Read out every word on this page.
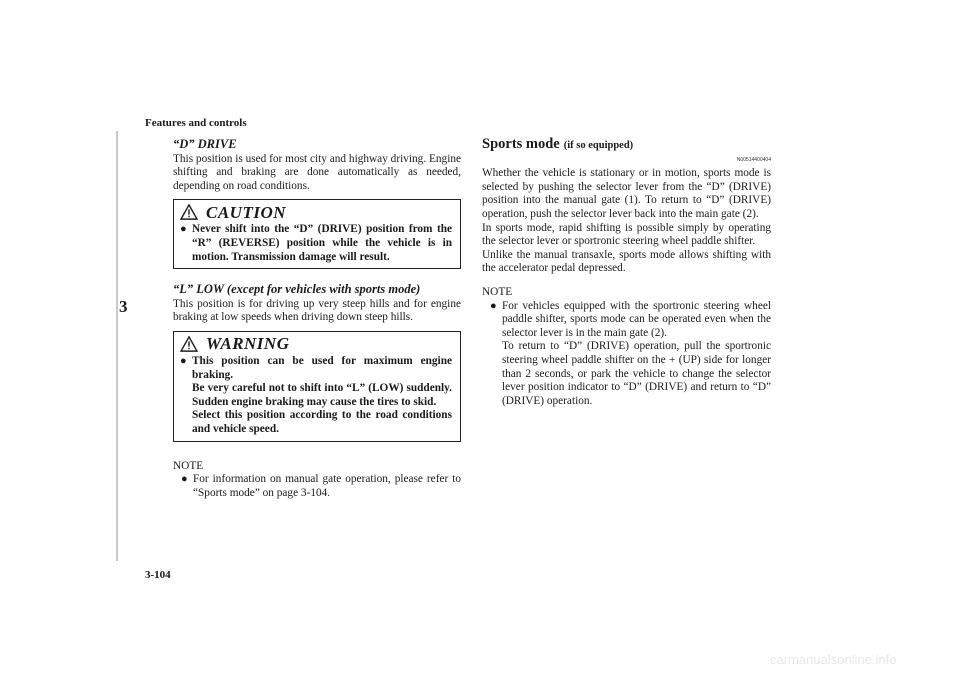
Features and controls
3
3-104
“D” DRIVE

This position is used for most city and highway driving. Engine shifting and braking are done automatically as needed, depending on road conditions.

CAUTION
● Never shift into the “D” (DRIVE) position from the “R” (REVERSE) position while the vehicle is in motion. Transmission damage will result.
“L” LOW (except for vehicles with sports mode)

This position is for driving up very steep hills and for engine braking at low speeds when driving down steep hills.

WARNING
● This position can be used for maximum engine braking.

Be very careful not to shift into “L” (LOW) suddenly. Sudden engine braking may cause the tires to skid.

Select this position according to the road conditions and vehicle speed.

NOTE

● For information on manual gate operation, please refer to “Sports mode” on page 3-104.
Sports mode (if so equipped)
N00514400404

Whether the vehicle is stationary or in motion, sports mode is selected by pushing the selector lever from the “D” (DRIVE) position into the manual gate (1). To return to “D” (DRIVE) operation, push the selector lever back into the main gate (2).

In sports mode, rapid shifting is possible simply by operating the selector lever or sportronic steering wheel paddle shifter.

Unlike the manual transaxle, sports mode allows shifting with the accelerator pedal depressed.

NOTE

● For vehicles equipped with the sportronic steering wheel paddle shifter, sports mode can be operated even when the selector lever is in the main gate (2).

To return to “D” (DRIVE) operation, pull the sportronic steering wheel paddle shifter on the + (UP) side for longer than 2 seconds, or park the vehicle to change the selector lever position indicator to “D” (DRIVE) and return to “D” (DRIVE) operation.

carmanualsonline.info
